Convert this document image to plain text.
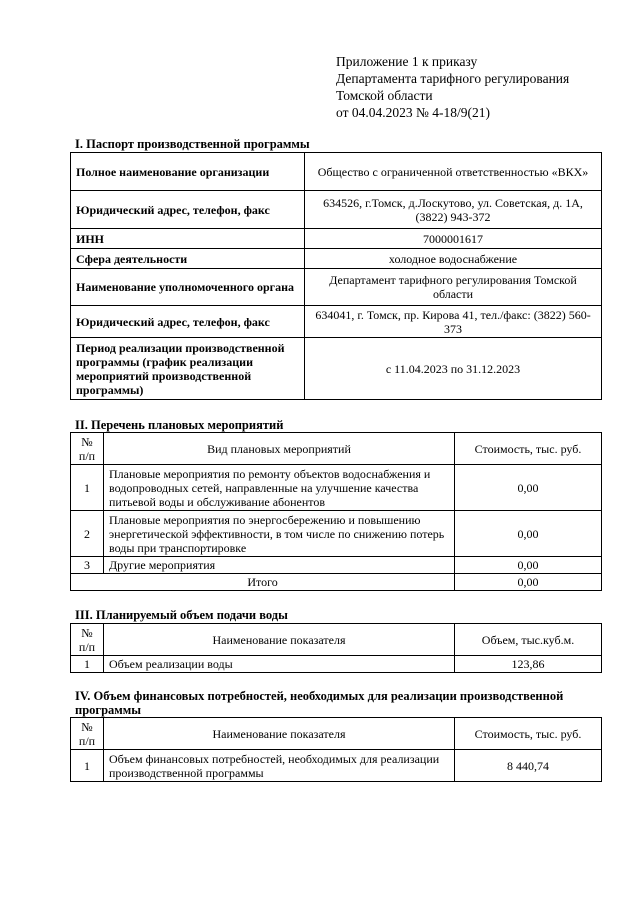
Приложение 1 к приказу
Департамента тарифного регулирования
Томской области
от 04.04.2023 № 4-18/9(21)
I. Паспорт производственной программы
Полное наименование организации	Общество с ограниченной ответственностью «ВКХ»
Юридический адрес, телефон, факс	634526, г.Томск, д.Лоскутово, ул. Советская, д. 1А, (3822) 943-372
ИНН	7000001617
Сфера деятельности	холодное водоснабжение
Наименование уполномоченного органа	Департамент тарифного регулирования Томской области
Юридический адрес, телефон, факс	634041, г. Томск, пр. Кирова 41, тел./факс: (3822) 560-373
Период реализации производственной программы (график реализации мероприятий производственной программы)	с 11.04.2023 по 31.12.2023
II. Перечень плановых мероприятий
№ п/п	Вид плановых мероприятий	Стоимость, тыс. руб.
1	Плановые мероприятия по ремонту объектов водоснабжения и водопроводных сетей, направленные на улучшение качества питьевой воды и обслуживание абонентов	0,00
2	Плановые мероприятия по энергосбережению и повышению энергетической эффективности, в том числе по снижению потерь воды при транспортировке	0,00
3	Другие мероприятия	0,00
Итого		0,00
III. Планируемый объем подачи воды
№ п/п	Наименование показателя	Объем, тыс.куб.м.
1	Объем реализации воды	123,86
IV. Объем финансовых потребностей, необходимых для реализации производственной программы
№ п/п	Наименование показателя	Стоимость, тыс. руб.
1	Объем финансовых потребностей, необходимых для реализации производственной программы	8 440,74
